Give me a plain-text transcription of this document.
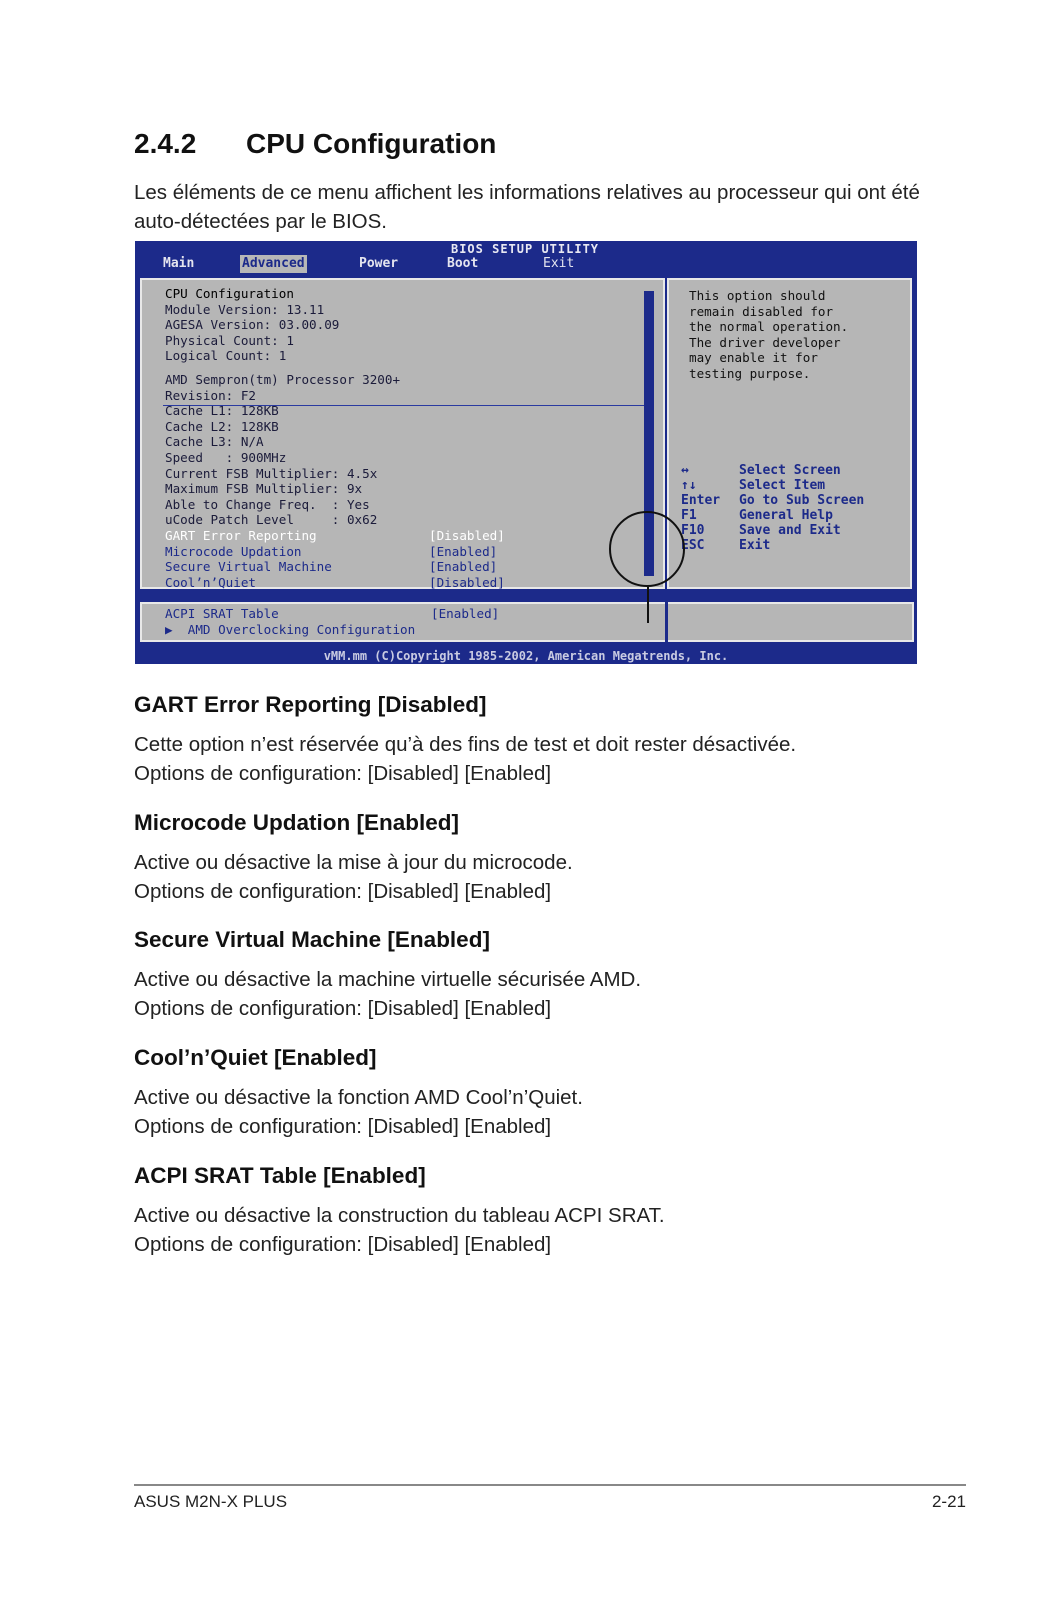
2.4.2 CPU Configuration

Les éléments de ce menu affichent les informations relatives au processeur qui ont été auto-détectées par le BIOS.

BIOS SETUP UTILITY
Main	Advanced	Power	Boot	Exit
CPU Configuration
Module Version: 13.11
AGESA Version: 03.00.09
Physical Count: 1
Logical Count: 1
AMD Sempron(tm) Processor 3200+
Revision: F2
Cache L1: 128KB
Cache L2: 128KB
Cache L3: N/A
Speed   : 900MHz
Current FSB Multiplier: 4.5x
Maximum FSB Multiplier: 9x
Able to Change Freq.  : Yes
uCode Patch Level     : 0x62
GART Error Reporting	[Disabled]
Microcode Updation	[Enabled]
Secure Virtual Machine	[Enabled]
Cool’n’Quiet	[Disabled]
▲
▼
This option should
remain disabled for
the normal operation.
The driver developer
may enable it for
testing purpose.
↔	Select Screen
↑↓	Select Item
Enter	Go to Sub Screen
F1	General Help
F10	Save and Exit
ESC	Exit
ACPI SRAT Table	[Enabled]
▶  AMD Overclocking Configuration
vMM.mm (C)Copyright 1985-2002, American Megatrends, Inc.
GART Error Reporting [Disabled]

Cette option n’est réservée qu’à des fins de test et doit rester désactivée.

Options de configuration: [Disabled] [Enabled]

Microcode Updation [Enabled]

Active ou désactive la mise à jour du microcode.

Options de configuration: [Disabled] [Enabled]

Secure Virtual Machine [Enabled]

Active ou désactive la machine virtuelle sécurisée AMD.

Options de configuration: [Disabled] [Enabled]

Cool’n’Quiet [Enabled]

Active ou désactive la fonction AMD Cool’n’Quiet.

Options de configuration: [Disabled] [Enabled]

ACPI SRAT Table [Enabled]

Active ou désactive la construction du tableau ACPI SRAT.

Options de configuration: [Disabled] [Enabled]

ASUS M2N-X PLUS	2-21
